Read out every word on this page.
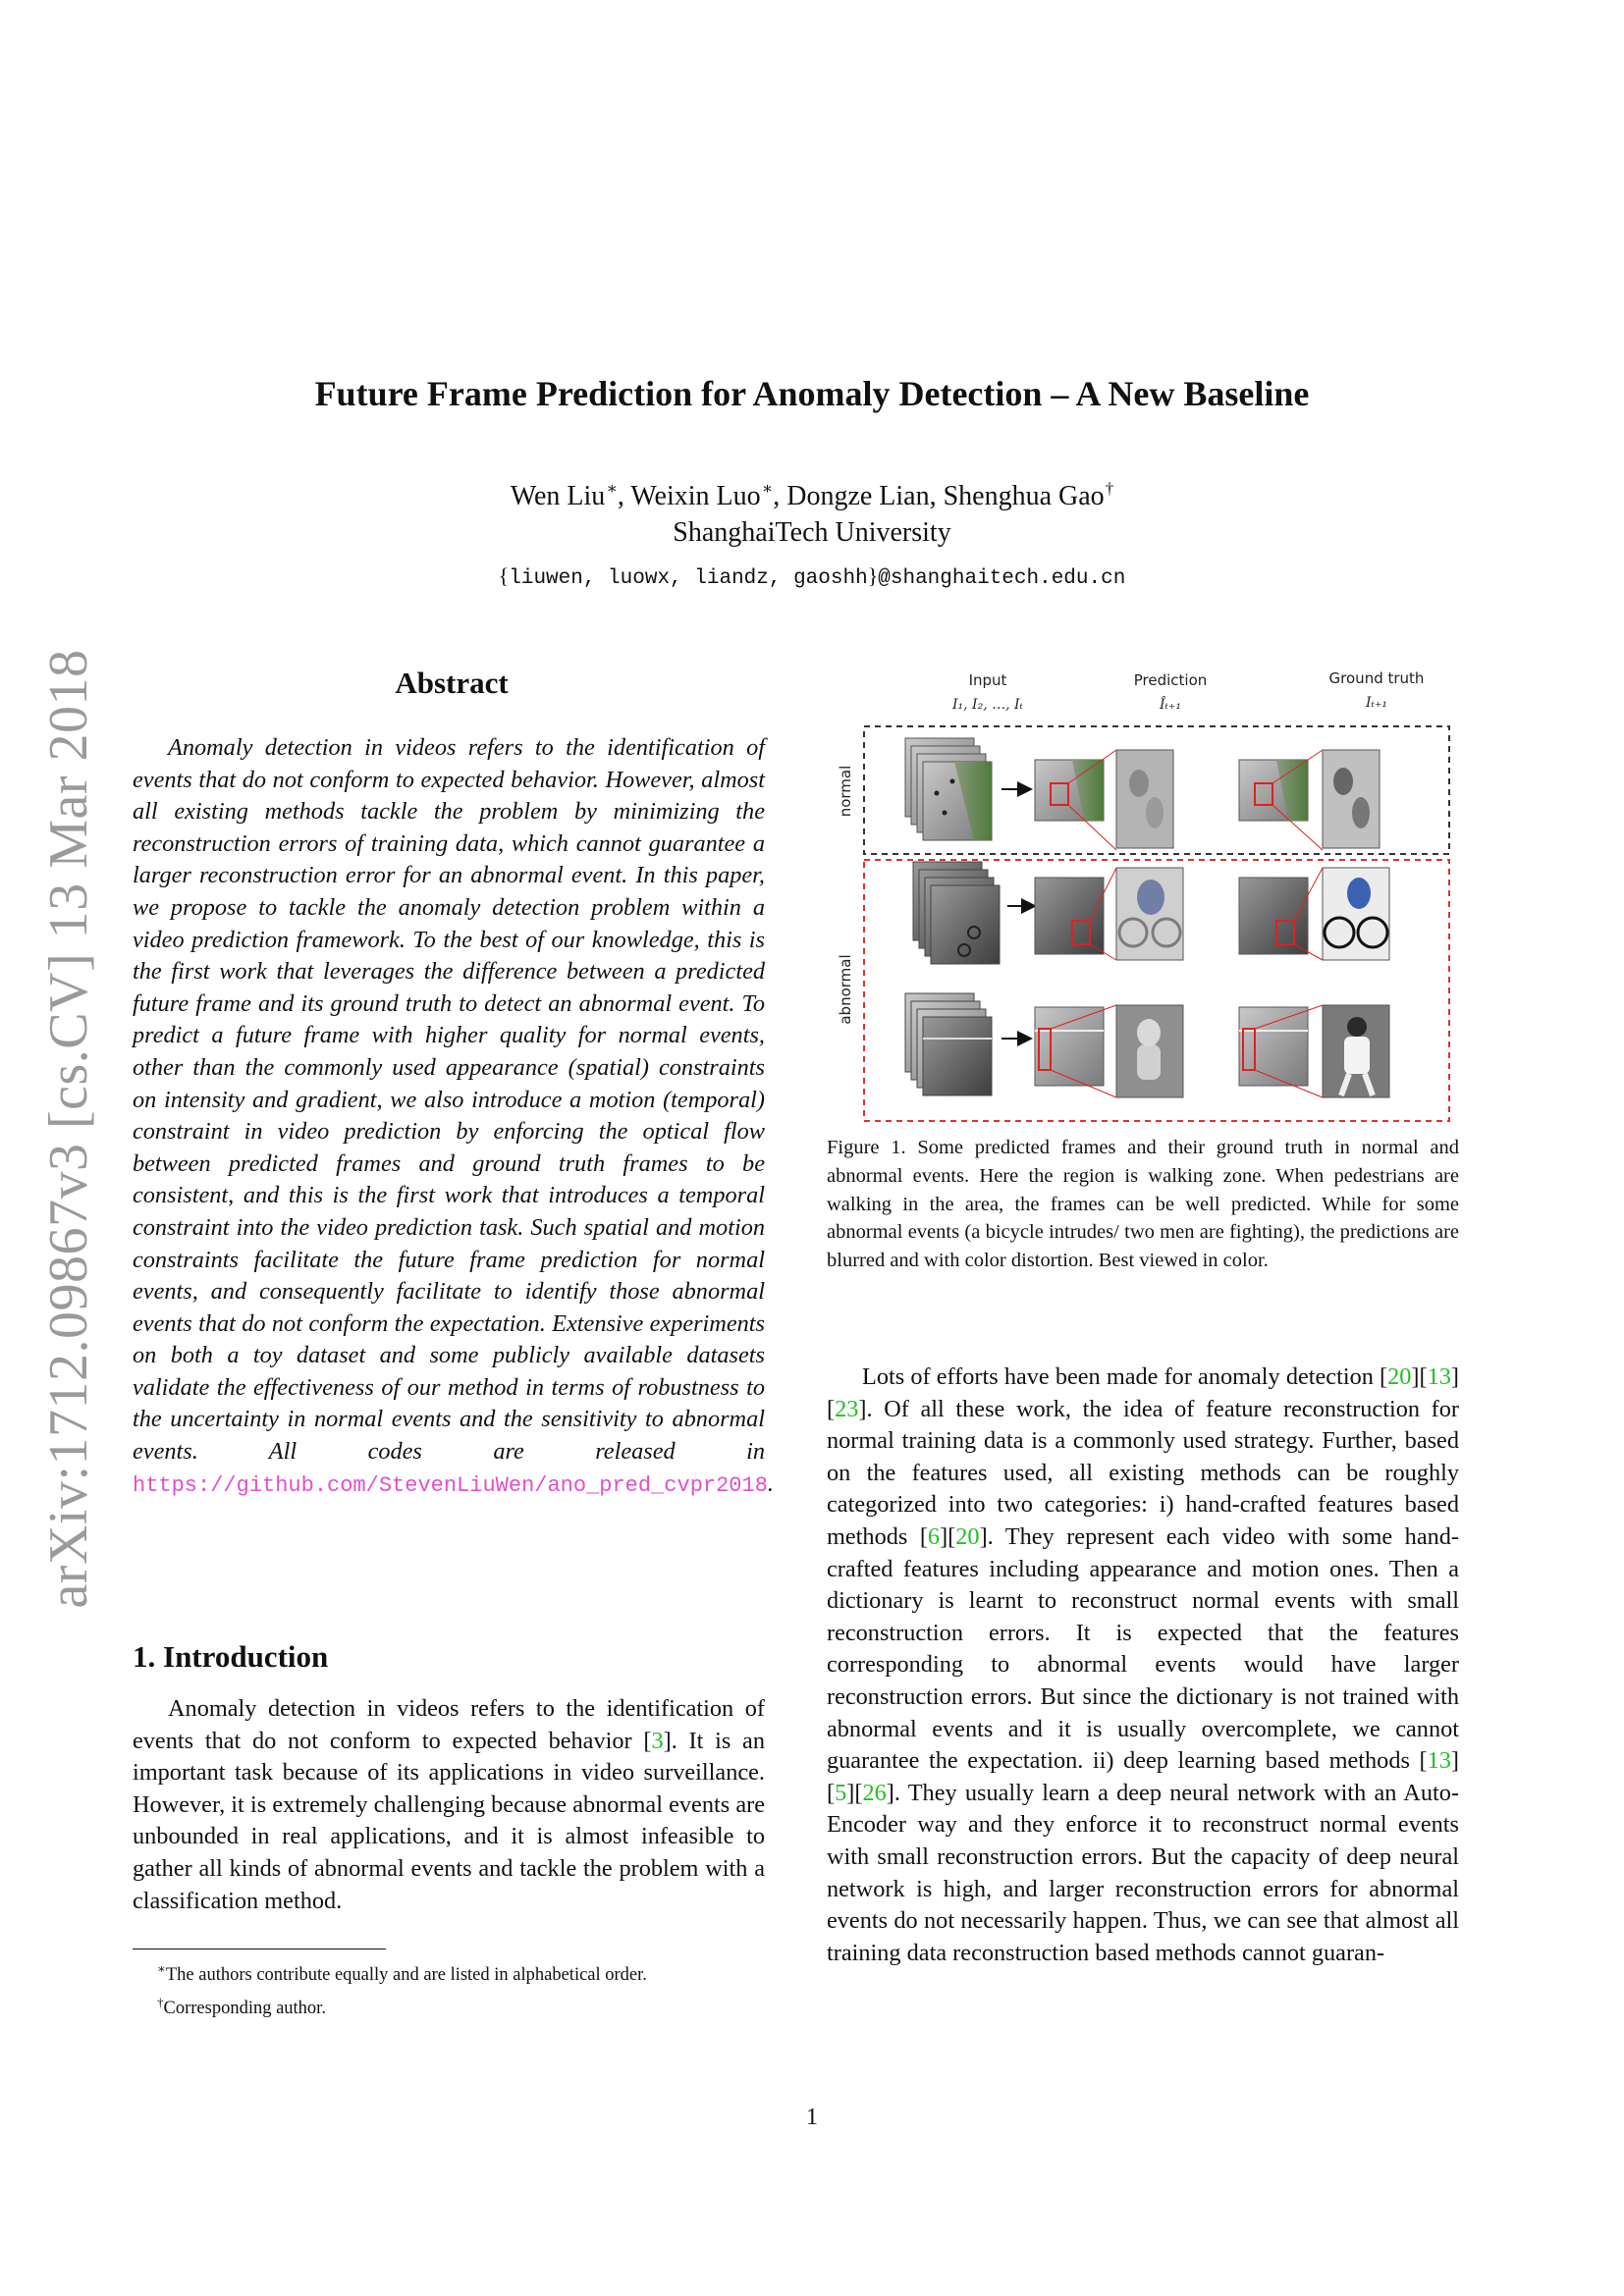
arXiv:1712.09867v3 [cs.CV] 13 Mar 2018
Future Frame Prediction for Anomaly Detection – A New Baseline
Wen Liu∗, Weixin Luo∗, Dongze Lian, Shenghua Gao†
ShanghaiTech University
{liuwen, luowx, liandz, gaoshh}@shanghaitech.edu.cn
Abstract
Anomaly detection in videos refers to the identification of events that do not conform to expected behavior. However, almost all existing methods tackle the problem by minimizing the reconstruction errors of training data, which cannot guarantee a larger reconstruction error for an abnormal event. In this paper, we propose to tackle the anomaly detection problem within a video prediction framework. To the best of our knowledge, this is the first work that leverages the difference between a predicted future frame and its ground truth to detect an abnormal event. To predict a future frame with higher quality for normal events, other than the commonly used appearance (spatial) constraints on intensity and gradient, we also introduce a motion (temporal) constraint in video prediction by enforcing the optical flow between predicted frames and ground truth frames to be consistent, and this is the first work that introduces a temporal constraint into the video prediction task. Such spatial and motion constraints facilitate the future frame prediction for normal events, and consequently facilitate to identify those abnormal events that do not conform the expectation. Extensive experiments on both a toy dataset and some publicly available datasets validate the effectiveness of our method in terms of robustness to the uncertainty in normal events and the sensitivity to abnormal events. All codes are released in https://github.com/StevenLiuWen/ano_pred_cvpr2018.
1. Introduction
Anomaly detection in videos refers to the identification of events that do not conform to expected behavior [3]. It is an important task because of its applications in video surveillance. However, it is extremely challenging because abnormal events are unbounded in real applications, and it is almost infeasible to gather all kinds of abnormal events and tackle the problem with a classification method.
∗The authors contribute equally and are listed in alphabetical order.
†Corresponding author.
Input
I₁, I₂, …, Iₜ
Prediction
Îₜ₊₁
Ground truth
Iₜ₊₁
normal
abnormal
Figure 1. Some predicted frames and their ground truth in normal and abnormal events. Here the region is walking zone. When pedestrians are walking in the area, the frames can be well predicted. While for some abnormal events (a bicycle intrudes/ two men are fighting), the predictions are blurred and with color distortion. Best viewed in color.
Lots of efforts have been made for anomaly detection [20][13][23]. Of all these work, the idea of feature reconstruction for normal training data is a commonly used strategy. Further, based on the features used, all existing methods can be roughly categorized into two categories: i) hand-crafted features based methods [6][20]. They represent each video with some hand-crafted features including appearance and motion ones. Then a dictionary is learnt to reconstruct normal events with small reconstruction errors. It is expected that the features corresponding to abnormal events would have larger reconstruction errors. But since the dictionary is not trained with abnormal events and it is usually overcomplete, we cannot guarantee the expectation. ii) deep learning based methods [13][5][26]. They usually learn a deep neural network with an Auto-Encoder way and they enforce it to reconstruct normal events with small reconstruction errors. But the capacity of deep neural network is high, and larger reconstruction errors for abnormal events do not necessarily happen. Thus, we can see that almost all training data reconstruction based methods cannot guaran-
1
